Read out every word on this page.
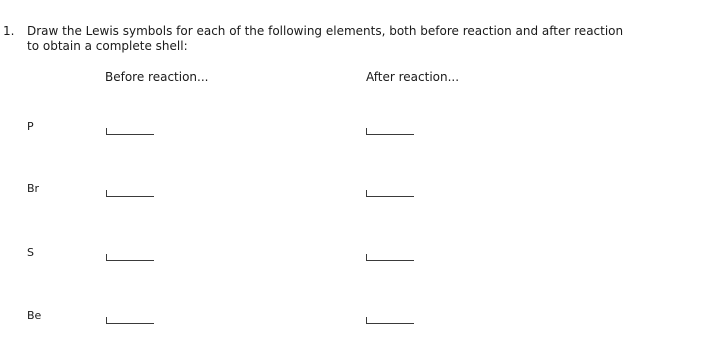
1. Draw the Lewis symbols for each of the following elements, both before reaction and after reaction
to obtain a complete shell:
Before reaction...	After reaction...
P
Br
S
Be
